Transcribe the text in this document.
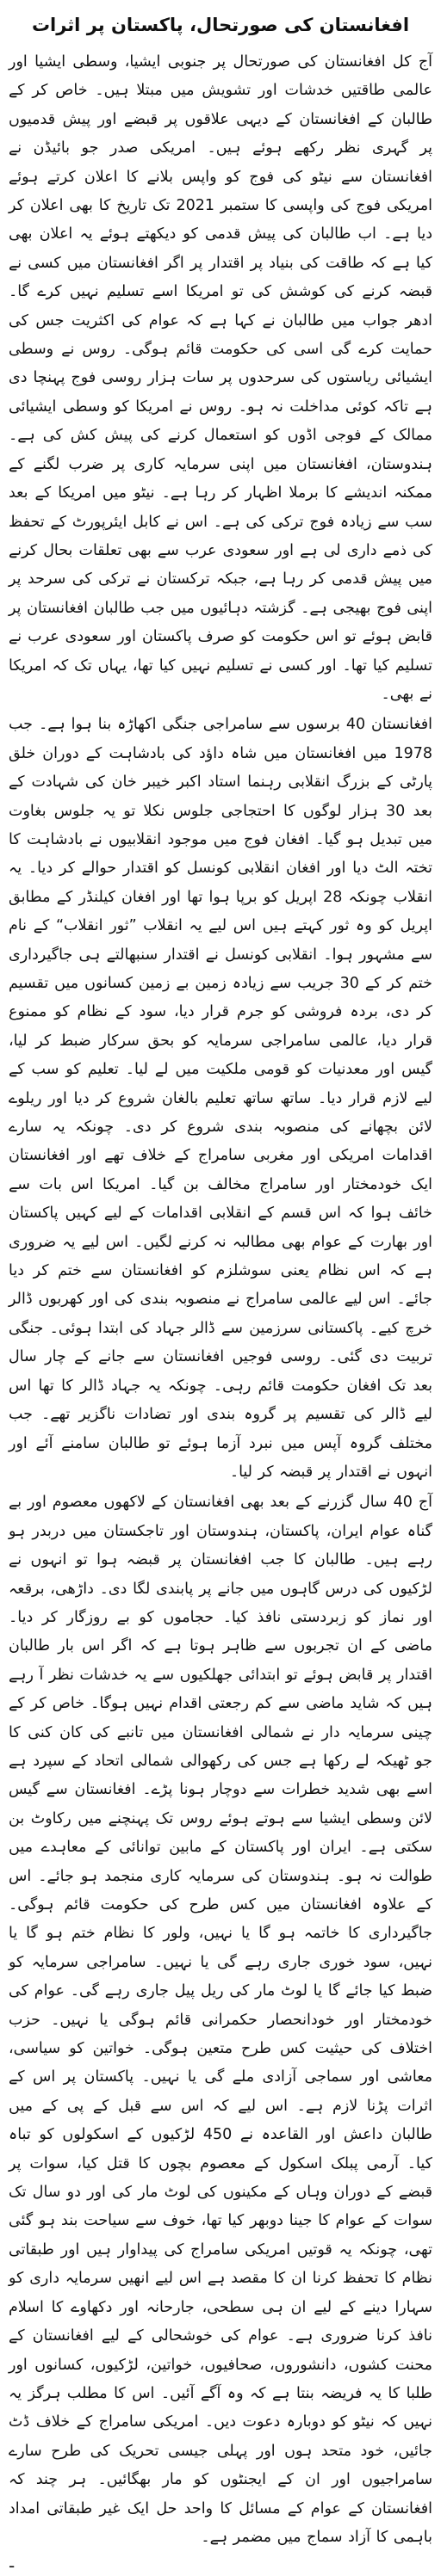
افغانستان کی صورتحال، پاکستان پر اثرات

آج کل افغانستان کی صورتحال پر جنوبی ایشیا، وسطی ایشیا اور عالمی طاقتیں خدشات اور تشویش میں مبتلا ہیں۔ خاص کر کے طالبان کے افغانستان کے دیہی علاقوں پر قبضے اور پیش قدمیوں پر گہری نظر رکھے ہوئے ہیں۔ امریکی صدر جو بائیڈن نے افغانستان سے نیٹو کی فوج کو واپس بلانے کا اعلان کرتے ہوئے امریکی فوج کی واپسی کا ستمبر 2021 تک تاریخ کا بھی اعلان کر دیا ہے۔ اب طالبان کی پیش قدمی کو دیکھتے ہوئے یہ اعلان بھی کیا ہے کہ طاقت کی بنیاد پر اقتدار پر اگر افغانستان میں کسی نے قبضہ کرنے کی کوشش کی تو امریکا اسے تسلیم نہیں کرے گا۔ ادھر جواب میں طالبان نے کہا ہے کہ عوام کی اکثریت جس کی حمایت کرے گی اسی کی حکومت قائم ہوگی۔ روس نے وسطی ایشیائی ریاستوں کی سرحدوں پر سات ہزار روسی فوج پہنچا دی ہے تاکہ کوئی مداخلت نہ ہو۔ روس نے امریکا کو وسطی ایشیائی ممالک کے فوجی اڈوں کو استعمال کرنے کی پیش کش کی ہے۔ ہندوستان، افغانستان میں اپنی سرمایہ کاری پر ضرب لگنے کے ممکنہ اندیشے کا برملا اظہار کر رہا ہے۔ نیٹو میں امریکا کے بعد سب سے زیادہ فوج ترکی کی ہے۔ اس نے کابل ایئرپورٹ کے تحفظ کی ذمے داری لی ہے اور سعودی عرب سے بھی تعلقات بحال کرنے میں پیش قدمی کر رہا ہے، جبکہ ترکستان نے ترکی کی سرحد پر اپنی فوج بھیجی ہے۔ گزشتہ دہائیوں میں جب طالبان افغانستان پر قابض ہوئے تو اس حکومت کو صرف پاکستان اور سعودی عرب نے تسلیم کیا تھا۔ اور کسی نے تسلیم نہیں کیا تھا، یہاں تک کہ امریکا نے بھی۔

افغانستان 40 برسوں سے سامراجی جنگی اکھاڑہ بنا ہوا ہے۔ جب 1978 میں افغانستان میں شاہ داؤد کی بادشاہت کے دوران خلق پارٹی کے بزرگ انقلابی رہنما استاد اکبر خیبر خان کی شہادت کے بعد 30 ہزار لوگوں کا احتجاجی جلوس نکلا تو یہ جلوس بغاوت میں تبدیل ہو گیا۔ افغان فوج میں موجود انقلابیوں نے بادشاہت کا تختہ الٹ دیا اور افغان انقلابی کونسل کو اقتدار حوالے کر دیا۔ یہ انقلاب چونکہ 28 اپریل کو برپا ہوا تھا اور افغان کیلنڈر کے مطابق اپریل کو وہ ثور کہتے ہیں اس لیے یہ انقلاب ”ثور انقلاب“ کے نام سے مشہور ہوا۔ انقلابی کونسل نے اقتدار سنبھالتے ہی جاگیرداری ختم کر کے 30 جریب سے زیادہ زمین بے زمین کسانوں میں تقسیم کر دی، بردہ فروشی کو جرم قرار دیا، سود کے نظام کو ممنوع قرار دیا، عالمی سامراجی سرمایہ کو بحق سرکار ضبط کر لیا، گیس اور معدنیات کو قومی ملکیت میں لے لیا۔ تعلیم کو سب کے لیے لازم قرار دیا۔ ساتھ ساتھ تعلیم بالغان شروع کر دیا اور ریلوے لائن بچھانے کی منصوبہ بندی شروع کر دی۔ چونکہ یہ سارے اقدامات امریکی اور مغربی سامراج کے خلاف تھے اور افغانستان ایک خودمختار اور سامراج مخالف بن گیا۔ امریکا اس بات سے خائف ہوا کہ اس قسم کے انقلابی اقدامات کے لیے کہیں پاکستان اور بھارت کے عوام بھی مطالبہ نہ کرنے لگیں۔ اس لیے یہ ضروری ہے کہ اس نظام یعنی سوشلزم کو افغانستان سے ختم کر دیا جائے۔ اس لیے عالمی سامراج نے منصوبہ بندی کی اور کھربوں ڈالر خرچ کیے۔ پاکستانی سرزمین سے ڈالر جہاد کی ابتدا ہوئی۔ جنگی تربیت دی گئی۔ روسی فوجیں افغانستان سے جانے کے چار سال بعد تک افغان حکومت قائم رہی۔ چونکہ یہ جہاد ڈالر کا تھا اس لیے ڈالر کی تقسیم پر گروہ بندی اور تضادات ناگزیر تھے۔ جب مختلف گروہ آپس میں نبرد آزما ہوئے تو طالبان سامنے آئے اور انہوں نے اقتدار پر قبضہ کر لیا۔

آج 40 سال گزرنے کے بعد بھی افغانستان کے لاکھوں معصوم اور بے گناہ عوام ایران، پاکستان، ہندوستان اور تاجکستان میں دربدر ہو رہے ہیں۔ طالبان کا جب افغانستان پر قبضہ ہوا تو انہوں نے لڑکیوں کی درس گاہوں میں جانے پر پابندی لگا دی۔ داڑھی، برقعہ اور نماز کو زبردستی نافذ کیا۔ حجاموں کو بے روزگار کر دیا۔ ماضی کے ان تجربوں سے ظاہر ہوتا ہے کہ اگر اس بار طالبان اقتدار پر قابض ہوئے تو ابتدائی جھلکیوں سے یہ خدشات نظر آ رہے ہیں کہ شاید ماضی سے کم رجعتی اقدام نہیں ہوگا۔ خاص کر کے چینی سرمایہ دار نے شمالی افغانستان میں تانبے کی کان کنی کا جو ٹھیکہ لے رکھا ہے جس کی رکھوالی شمالی اتحاد کے سپرد ہے اسے بھی شدید خطرات سے دوچار ہونا پڑے۔ افغانستان سے گیس لائن وسطی ایشیا سے ہوتے ہوئے روس تک پہنچنے میں رکاوٹ بن سکتی ہے۔ ایران اور پاکستان کے مابین توانائی کے معاہدے میں طوالت نہ ہو۔ ہندوستان کی سرمایہ کاری منجمد ہو جائے۔ اس کے علاوہ افغانستان میں کس طرح کی حکومت قائم ہوگی۔ جاگیرداری کا خاتمہ ہو گا یا نہیں، ولور کا نظام ختم ہو گا یا نہیں، سود خوری جاری رہے گی یا نہیں۔ سامراجی سرمایہ کو ضبط کیا جائے گا یا لوٹ مار کی ریل پیل جاری رہے گی۔ عوام کی خودمختار اور خودانحصار حکمرانی قائم ہوگی یا نہیں۔ حزب اختلاف کی حیثیت کس طرح متعین ہوگی۔ خواتین کو سیاسی، معاشی اور سماجی آزادی ملے گی یا نہیں۔ پاکستان پر اس کے اثرات پڑنا لازم ہے۔ اس لیے کہ اس سے قبل کے پی کے میں طالبان داعش اور القاعدہ نے 450 لڑکیوں کے اسکولوں کو تباہ کیا۔ آرمی پبلک اسکول کے معصوم بچوں کا قتل کیا، سوات پر قبضے کے دوران وہاں کے مکینوں کی لوٹ مار کی اور دو سال تک سوات کے عوام کا جینا دوبھر کیا تھا، خوف سے سیاحت بند ہو گئی تھی، چونکہ یہ قوتیں امریکی سامراج کی پیداوار ہیں اور طبقاتی نظام کا تحفظ کرنا ان کا مقصد ہے اس لیے انھیں سرمایہ داری کو سہارا دینے کے لیے ان ہی سطحی، جارحانہ اور دکھاوے کا اسلام نافذ کرنا ضروری ہے۔ عوام کی خوشحالی کے لیے افغانستان کے محنت کشوں، دانشوروں، صحافیوں، خواتین، لڑکیوں، کسانوں اور طلبا کا یہ فریضہ بنتا ہے کہ وہ آگے آئیں۔ اس کا مطلب ہرگز یہ نہیں کہ نیٹو کو دوبارہ دعوت دیں۔ امریکی سامراج کے خلاف ڈٹ جائیں، خود متحد ہوں اور پہلی جیسی تحریک کی طرح سارے سامراجیوں اور ان کے ایجنٹوں کو مار بھگائیں۔ ہر چند کہ افغانستان کے عوام کے مسائل کا واحد حل ایک غیر طبقاتی امداد باہمی کا آزاد سماج میں مضمر ہے۔

-
